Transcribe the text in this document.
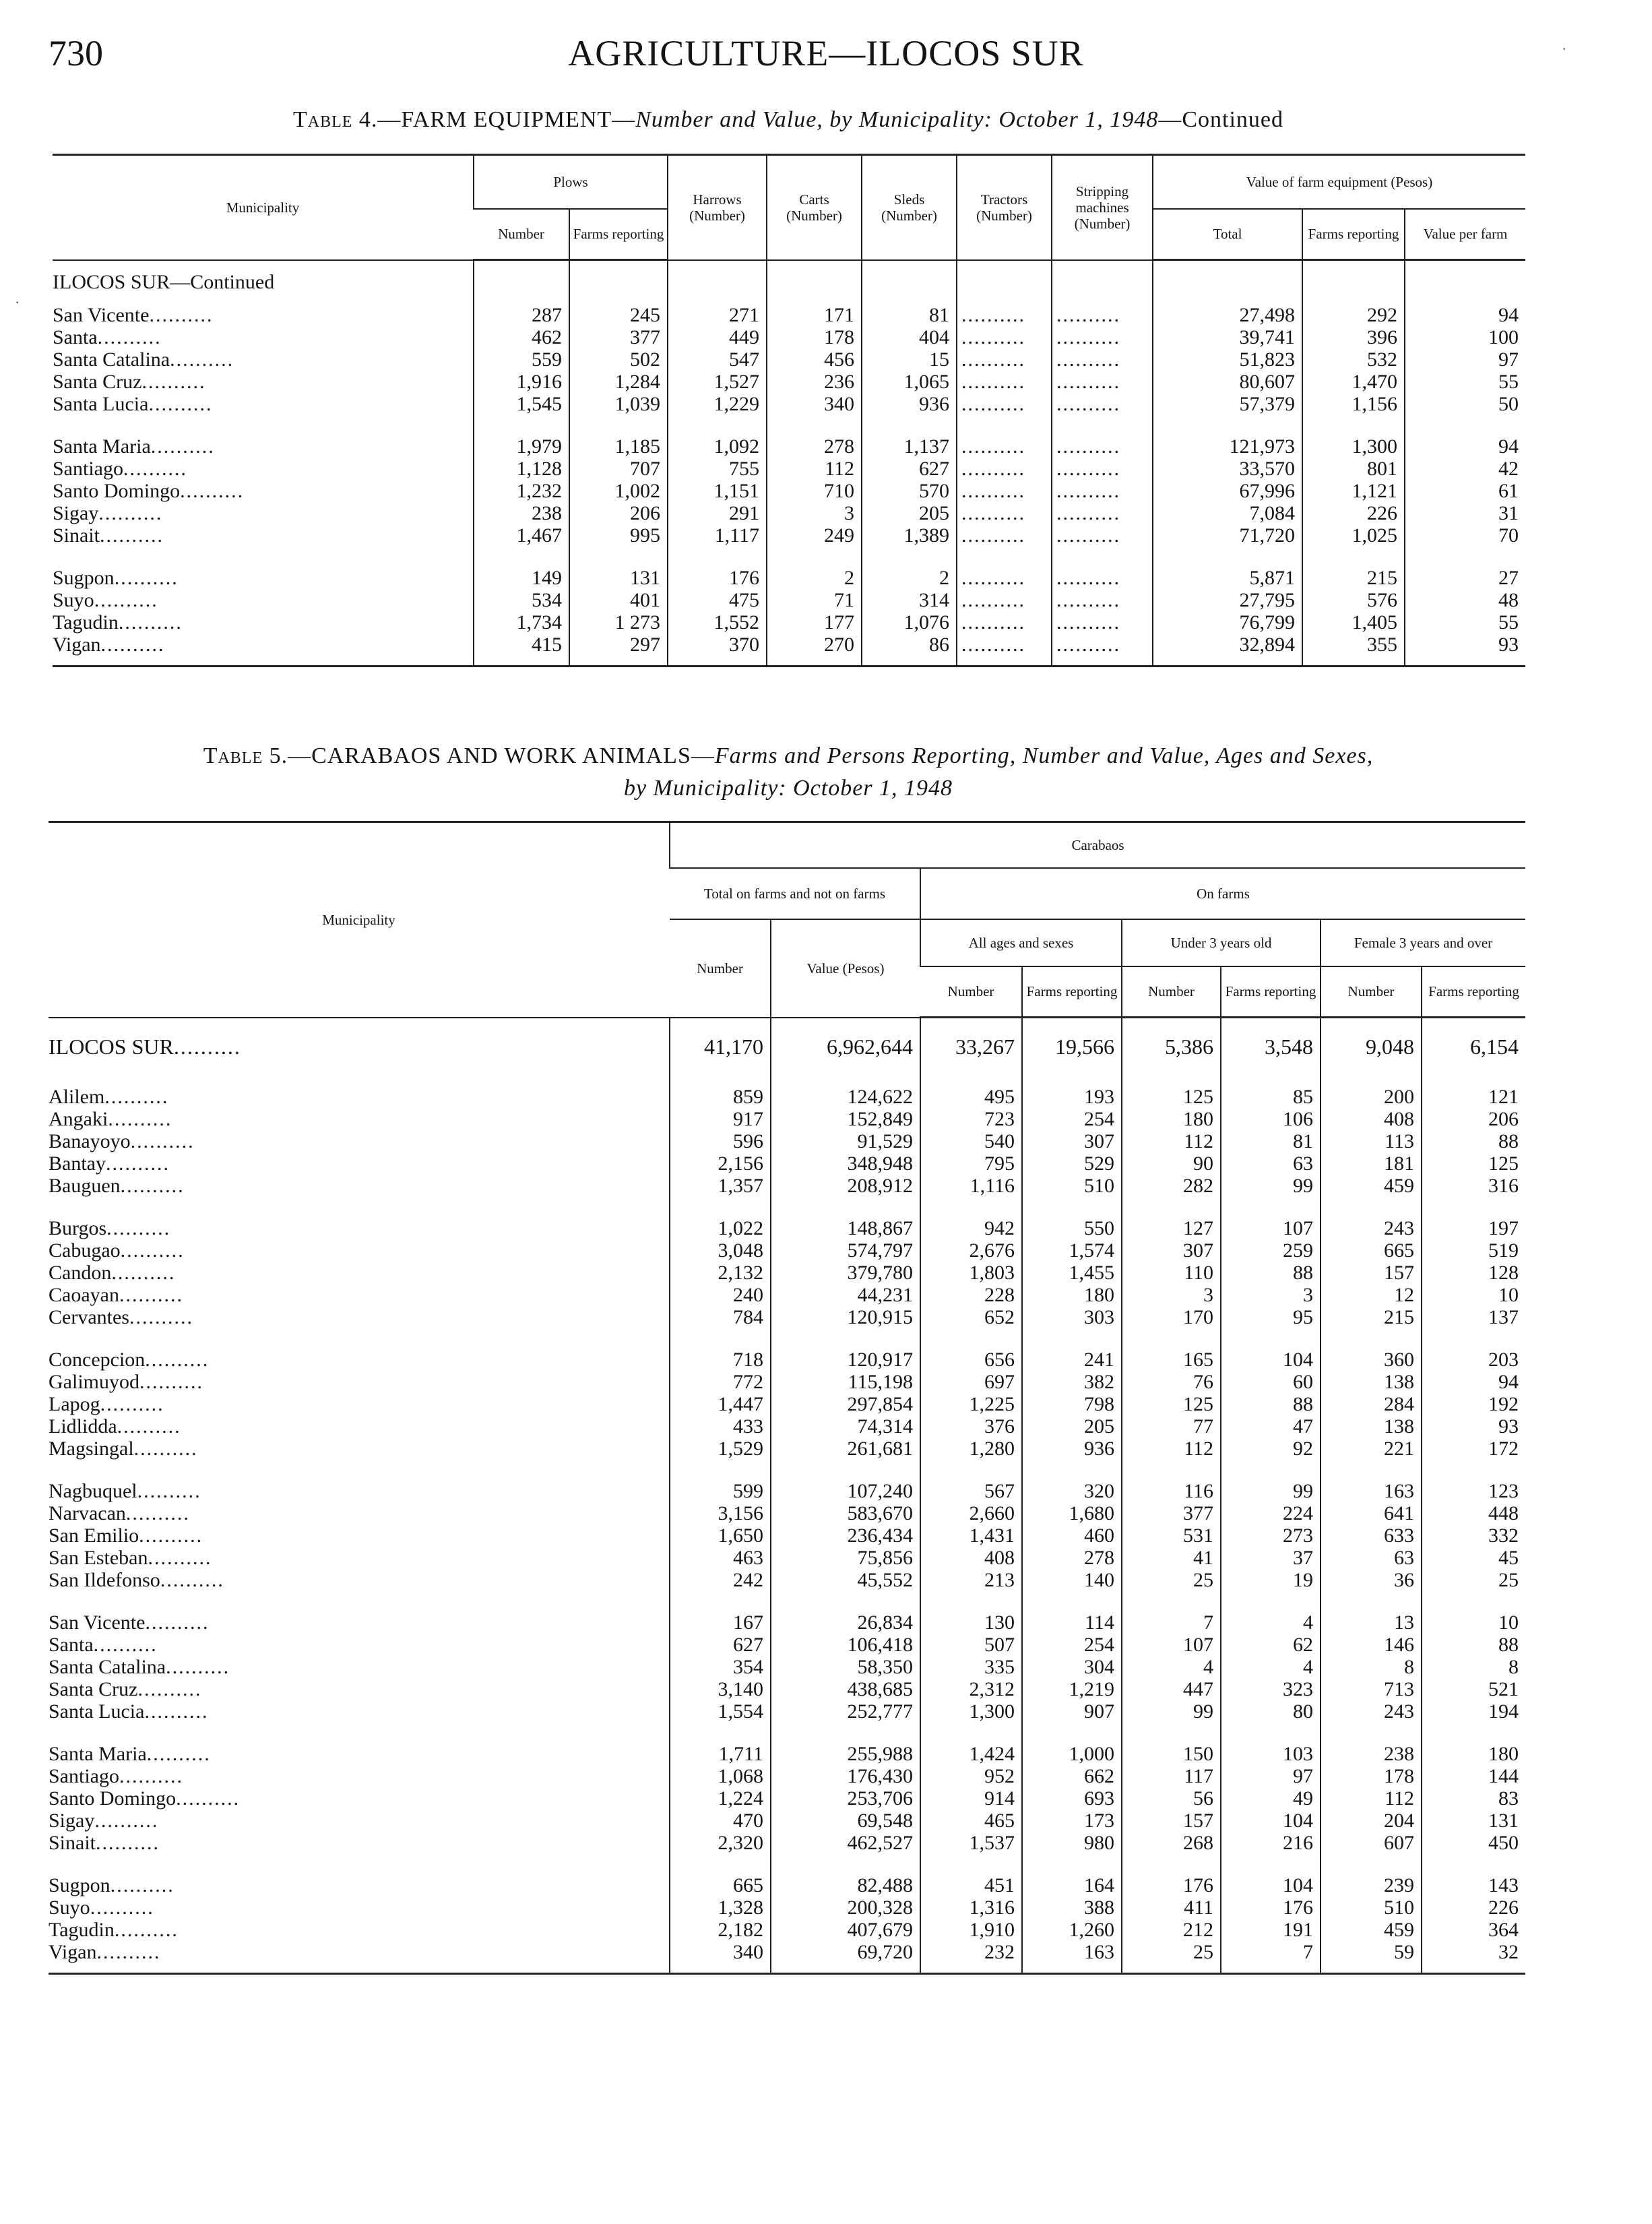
730	AGRICULTURE—ILOCOS SUR
Table 4.—FARM EQUIPMENT—Number and Value, by Municipality: October 1, 1948—Continued
Municipality	Plows		Harrows (Number)	Carts (Number)	Sleds (Number)	Tractors (Number)	Stripping machines (Number)	Value of farm equipment (Pesos)		
	Number	Farms reporting						Total	Farms reporting	Value per farm
ILOCOS SUR—Continued										
San Vicente..........	287	245	271	171	81	..........	..........	27,498	292	94
Santa..........	462	377	449	178	404	..........	..........	39,741	396	100
Santa Catalina..........	559	502	547	456	15	..........	..........	51,823	532	97
Santa Cruz..........	1,916	1,284	1,527	236	1,065	..........	..........	80,607	1,470	55
Santa Lucia..........	1,545	1,039	1,229	340	936	..........	..........	57,379	1,156	50

Santa Maria..........	1,979	1,185	1,092	278	1,137	..........	..........	121,973	1,300	94
Santiago..........	1,128	707	755	112	627	..........	..........	33,570	801	42
Santo Domingo..........	1,232	1,002	1,151	710	570	..........	..........	67,996	1,121	61
Sigay..........	238	206	291	3	205	..........	..........	7,084	226	31
Sinait..........	1,467	995	1,117	249	1,389	..........	..........	71,720	1,025	70

Sugpon..........	149	131	176	2	2	..........	..........	5,871	215	27
Suyo..........	534	401	475	71	314	..........	..........	27,795	576	48
Tagudin..........	1,734	1 273	1,552	177	1,076	..........	..........	76,799	1,405	55
Vigan..........	415	297	370	270	86	..........	..........	32,894	355	93

Table 5.—CARABAOS AND WORK ANIMALS—Farms and Persons Reporting, Number and Value, Ages and Sexes,
by Municipality: October 1, 1948
Municipality	Carabaos							
	Total on farms and not on farms		On farms					
	Number	Value (Pesos)	All ages and sexes		Under 3 years old		Female 3 years and over	
			Number	Farms reporting	Number	Farms reporting	Number	Farms reporting

ILOCOS SUR..........	41,170	6,962,644	33,267	19,566	5,386	3,548	9,048	6,154

Alilem..........	859	124,622	495	193	125	85	200	121
Angaki..........	917	152,849	723	254	180	106	408	206
Banayoyo..........	596	91,529	540	307	112	81	113	88
Bantay..........	2,156	348,948	795	529	90	63	181	125
Bauguen..........	1,357	208,912	1,116	510	282	99	459	316

Burgos..........	1,022	148,867	942	550	127	107	243	197
Cabugao..........	3,048	574,797	2,676	1,574	307	259	665	519
Candon..........	2,132	379,780	1,803	1,455	110	88	157	128
Caoayan..........	240	44,231	228	180	3	3	12	10
Cervantes..........	784	120,915	652	303	170	95	215	137

Concepcion..........	718	120,917	656	241	165	104	360	203
Galimuyod..........	772	115,198	697	382	76	60	138	94
Lapog..........	1,447	297,854	1,225	798	125	88	284	192
Lidlidda..........	433	74,314	376	205	77	47	138	93
Magsingal..........	1,529	261,681	1,280	936	112	92	221	172

Nagbuquel..........	599	107,240	567	320	116	99	163	123
Narvacan..........	3,156	583,670	2,660	1,680	377	224	641	448
San Emilio..........	1,650	236,434	1,431	460	531	273	633	332
San Esteban..........	463	75,856	408	278	41	37	63	45
San Ildefonso..........	242	45,552	213	140	25	19	36	25

San Vicente..........	167	26,834	130	114	7	4	13	10
Santa..........	627	106,418	507	254	107	62	146	88
Santa Catalina..........	354	58,350	335	304	4	4	8	8
Santa Cruz..........	3,140	438,685	2,312	1,219	447	323	713	521
Santa Lucia..........	1,554	252,777	1,300	907	99	80	243	194

Santa Maria..........	1,711	255,988	1,424	1,000	150	103	238	180
Santiago..........	1,068	176,430	952	662	117	97	178	144
Santo Domingo..........	1,224	253,706	914	693	56	49	112	83
Sigay..........	470	69,548	465	173	157	104	204	131
Sinait..........	2,320	462,527	1,537	980	268	216	607	450

Sugpon..........	665	82,488	451	164	176	104	239	143
Suyo..........	1,328	200,328	1,316	388	411	176	510	226
Tagudin..........	2,182	407,679	1,910	1,260	212	191	459	364
Vigan..........	340	69,720	232	163	25	7	59	32

·
·
